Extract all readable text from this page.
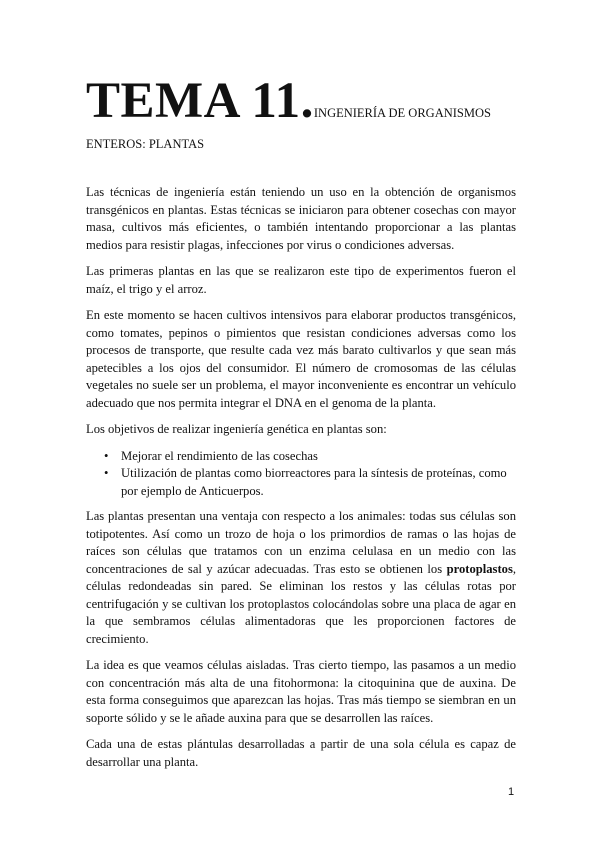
TEMA 11.INGENIERÍA DE ORGANISMOS
ENTEROS: PLANTAS

Las técnicas de ingeniería están teniendo un uso en la obtención de organismos transgénicos en plantas. Estas técnicas se iniciaron para obtener cosechas con mayor masa, cultivos más eficientes, o también intentando proporcionar a las plantas medios para resistir plagas, infecciones por virus o condiciones adversas.

Las primeras plantas en las que se realizaron este tipo de experimentos fueron el maíz, el trigo y el arroz.

En este momento se hacen cultivos intensivos para elaborar productos transgénicos, como tomates, pepinos o pimientos que resistan condiciones adversas como los procesos de transporte, que resulte cada vez más barato cultivarlos y que sean más apetecibles a los ojos del consumidor. El número de cromosomas de las células vegetales no suele ser un problema, el mayor inconveniente es encontrar un vehículo adecuado que nos permita integrar el DNA en el genoma de la planta.

Los objetivos de realizar ingeniería genética en plantas son:

• Mejorar el rendimiento de las cosechas
• Utilización de plantas como biorreactores para la síntesis de proteínas, como por ejemplo de Anticuerpos.

Las plantas presentan una ventaja con respecto a los animales: todas sus células son totipotentes. Así como un trozo de hoja o los primordios de ramas o las hojas de raíces son células que tratamos con un enzima celulasa en un medio con las concentraciones de sal y azúcar adecuadas. Tras esto se obtienen los protoplastos, células redondeadas sin pared. Se eliminan los restos y las células rotas por centrifugación y se cultivan los protoplastos colocándolas sobre una placa de agar en la que sembramos células alimentadoras que les proporcionen factores de crecimiento.

La idea es que veamos células aisladas. Tras cierto tiempo, las pasamos a un medio con concentración más alta de una fitohormona: la citoquinina que de auxina. De esta forma conseguimos que aparezcan las hojas. Tras más tiempo se siembran en un soporte sólido y se le añade auxina para que se desarrollen las raíces.

Cada una de estas plántulas desarrolladas a partir de una sola célula es capaz de desarrollar una planta.

1
